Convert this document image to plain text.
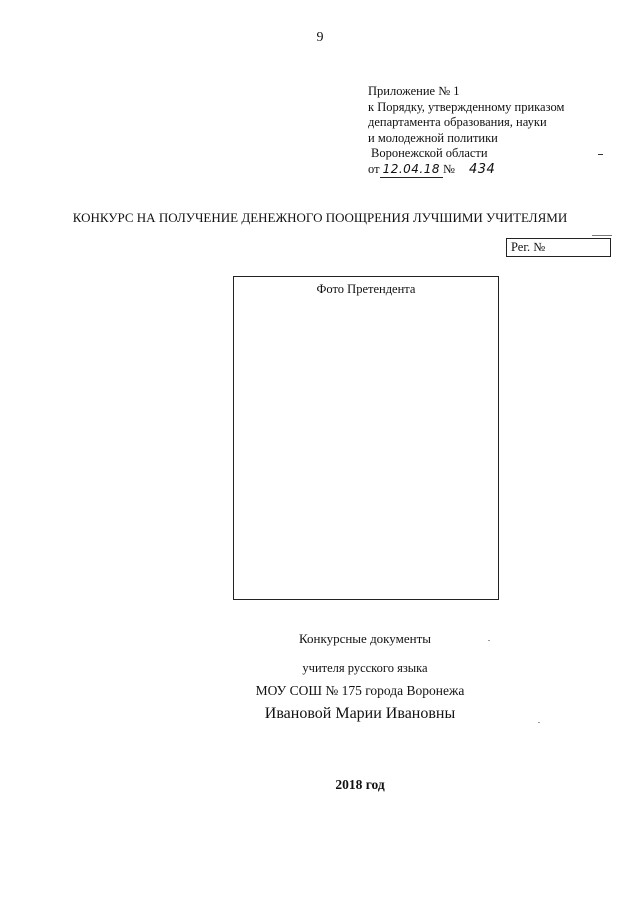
9
Приложение № 1
к Порядку, утвержденному приказом
департамента образования, науки
и молодежной политики
Воронежской области
от 12.04.18 № 434
КОНКУРС НА ПОЛУЧЕНИЕ ДЕНЕЖНОГО ПООЩРЕНИЯ ЛУЧШИМИ УЧИТЕЛЯМИ
Рег. №
Фото Претендента
Конкурсные документы
учителя русского языка
МОУ СОШ № 175 города Воронежа
Ивановой Марии Ивановны
2018 год
